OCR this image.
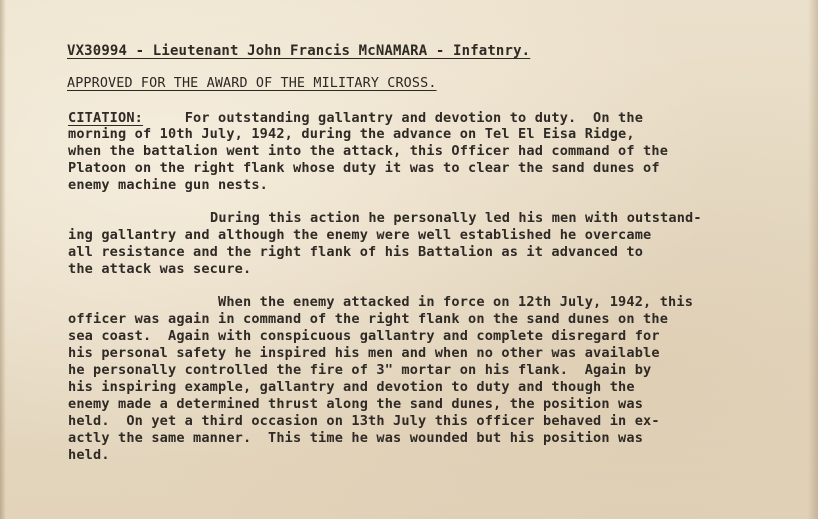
VX30994 - Lieutenant John Francis McNAMARA - Infatnry.

APPROVED FOR THE AWARD OF THE MILITARY CROSS.

CITATION:	For outstanding gallantry and devotion to duty.  On the

morning of 10th July, 1942, during the advance on Tel El Eisa Ridge,

when the battalion went into the attack, this Officer had command of the

Platoon on the right flank whose duty it was to clear the sand dunes of

enemy machine gun nests.

During this action he personally led his men with outstand-

ing gallantry and although the enemy were well established he overcame

all resistance and the right flank of his Battalion as it advanced to

the attack was secure.

When the enemy attacked in force on 12th July, 1942, this

officer was again in command of the right flank on the sand dunes on the

sea coast.  Again with conspicuous gallantry and complete disregard for

his personal safety he inspired his men and when no other was available

he personally controlled the fire of 3" mortar on his flank.  Again by

his inspiring example, gallantry and devotion to duty and though the

enemy made a determined thrust along the sand dunes, the position was

held.  On yet a third occasion on 13th July this officer behaved in ex-

actly the same manner.  This time he was wounded but his position was

held.
